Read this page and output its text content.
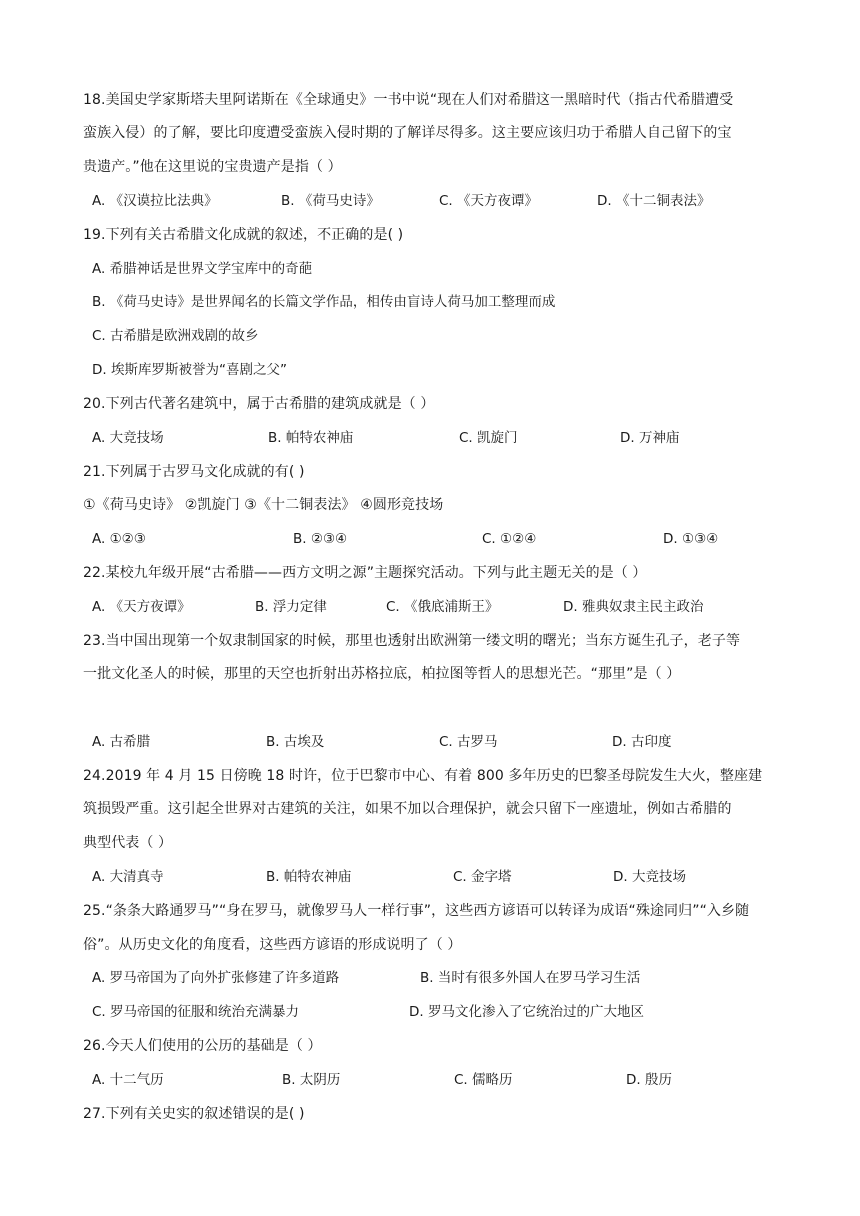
18.美国史学家斯塔夫里阿诺斯在《全球通史》一书中说“现在人们对希腊这一黑暗时代（指古代希腊遭受
蛮族入侵）的了解，要比印度遭受蛮族入侵时期的了解详尽得多。这主要应该归功于希腊人自己留下的宝
贵遗产。”他在这里说的宝贵遗产是指（ ）
A. 《汉谟拉比法典》	B. 《荷马史诗》	C. 《天方夜谭》	D. 《十二铜表法》
19.下列有关古希腊文化成就的叙述，不正确的是( )
A. 希腊神话是世界文学宝库中的奇葩
B. 《荷马史诗》是世界闻名的长篇文学作品，相传由盲诗人荷马加工整理而成
C. 古希腊是欧洲戏剧的故乡
D. 埃斯库罗斯被誉为“喜剧之父”
20.下列古代著名建筑中，属于古希腊的建筑成就是（ ）
A. 大竞技场	B. 帕特农神庙	C. 凯旋门	D. 万神庙
21.下列属于古罗马文化成就的有( )
①《荷马史诗》 ②凯旋门 ③《十二铜表法》 ④圆形竞技场
A. ①②③	B. ②③④	C. ①②④	D. ①③④
22.某校九年级开展“古希腊——西方文明之源”主题探究活动。下列与此主题无关的是（ ）
A. 《天方夜谭》	B. 浮力定律	C. 《俄底浦斯王》	D. 雅典奴隶主民主政治
23.当中国出现第一个奴隶制国家的时候，那里也透射出欧洲第一缕文明的曙光；当东方诞生孔子，老子等
一批文化圣人的时候，那里的天空也折射出苏格拉底，柏拉图等哲人的思想光芒。“那里”是（ ）
A. 古希腊	B. 古埃及	C. 古罗马	D. 古印度
24.2019 年 4 月 15 日傍晚 18 时许，位于巴黎市中心、有着 800 多年历史的巴黎圣母院发生大火，整座建
筑损毁严重。这引起全世界对古建筑的关注，如果不加以合理保护，就会只留下一座遗址，例如古希腊的
典型代表（ ）
A. 大清真寺	B. 帕特农神庙	C. 金字塔	D. 大竞技场
25.“条条大路通罗马”“身在罗马，就像罗马人一样行事”，这些西方谚语可以转译为成语“殊途同归”“入乡随
俗”。从历史文化的角度看，这些西方谚语的形成说明了（ ）
A. 罗马帝国为了向外扩张修建了许多道路	B. 当时有很多外国人在罗马学习生活
C. 罗马帝国的征服和统治充满暴力	D. 罗马文化渗入了它统治过的广大地区
26.今天人们使用的公历的基础是（ ）
A. 十二气历	B. 太阴历	C. 儒略历	D. 殷历
27.下列有关史实的叙述错误的是( )
